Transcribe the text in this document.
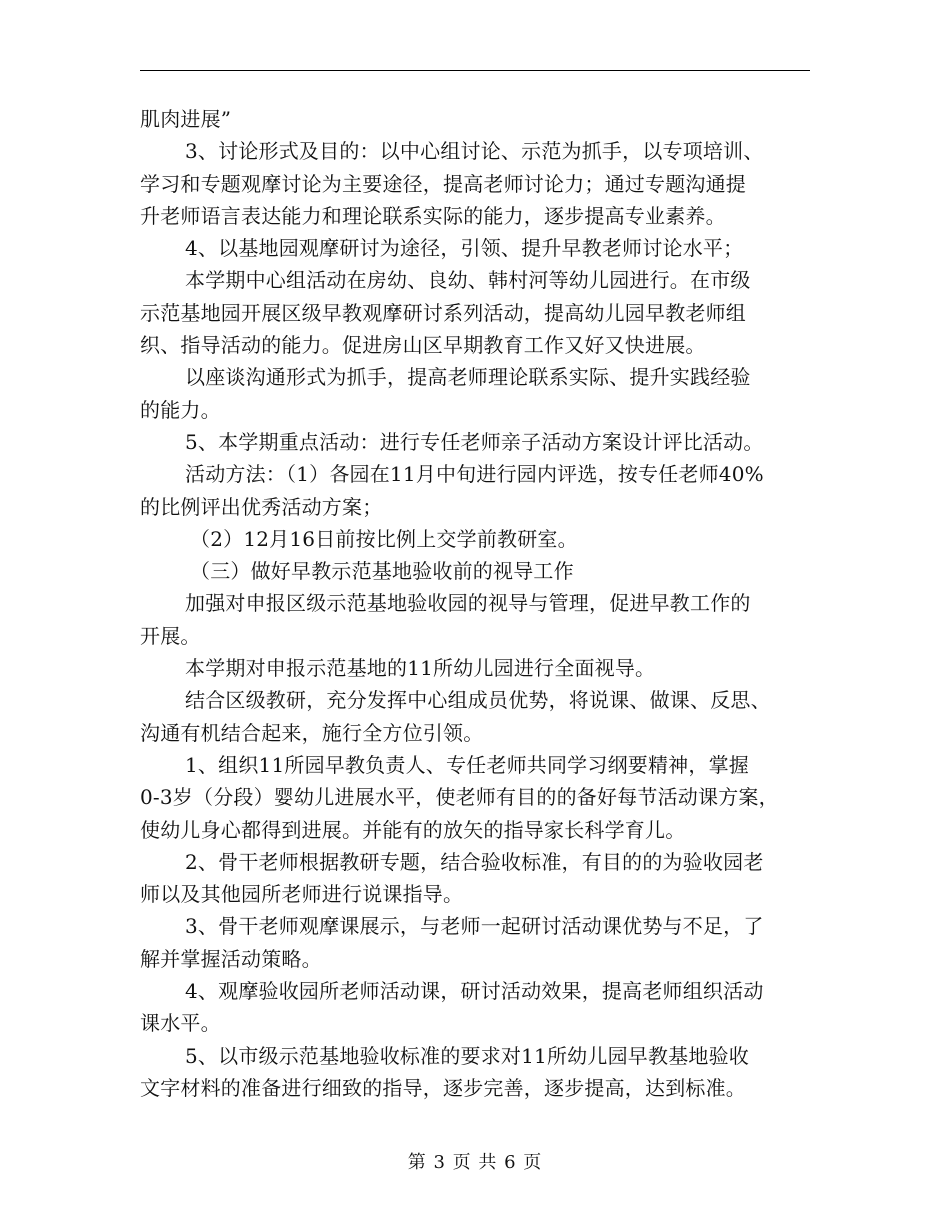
肌肉进展”
3、讨论形式及目的：以中心组讨论、示范为抓手，以专项培训、
学习和专题观摩讨论为主要途径，提高老师讨论力；通过专题沟通提
升老师语言表达能力和理论联系实际的能力，逐步提高专业素养。
4、以基地园观摩研讨为途径，引领、提升早教老师讨论水平；
本学期中心组活动在房幼、良幼、韩村河等幼儿园进行。在市级
示范基地园开展区级早教观摩研讨系列活动，提高幼儿园早教老师组
织、指导活动的能力。促进房山区早期教育工作又好又快进展。
以座谈沟通形式为抓手，提高老师理论联系实际、提升实践经验
的能力。
5、本学期重点活动：进行专任老师亲子活动方案设计评比活动。
活动方法：（1）各园在11月中旬进行园内评选，按专任老师40%
的比例评出优秀活动方案；
（2）12月16日前按比例上交学前教研室。
（三）做好早教示范基地验收前的视导工作
加强对申报区级示范基地验收园的视导与管理，促进早教工作的
开展。
本学期对申报示范基地的11所幼儿园进行全面视导。
结合区级教研，充分发挥中心组成员优势，将说课、做课、反思、
沟通有机结合起来，施行全方位引领。
1、组织11所园早教负责人、专任老师共同学习纲要精神，掌握
0-3岁（分段）婴幼儿进展水平，使老师有目的的备好每节活动课方案，
使幼儿身心都得到进展。并能有的放矢的指导家长科学育儿。
2、骨干老师根据教研专题，结合验收标准，有目的的为验收园老
师以及其他园所老师进行说课指导。
3、骨干老师观摩课展示，与老师一起研讨活动课优势与不足，了
解并掌握活动策略。
4、观摩验收园所老师活动课，研讨活动效果，提高老师组织活动
课水平。
5、以市级示范基地验收标准的要求对11所幼儿园早教基地验收
文字材料的准备进行细致的指导，逐步完善，逐步提高，达到标准。
第 3 页 共 6 页
